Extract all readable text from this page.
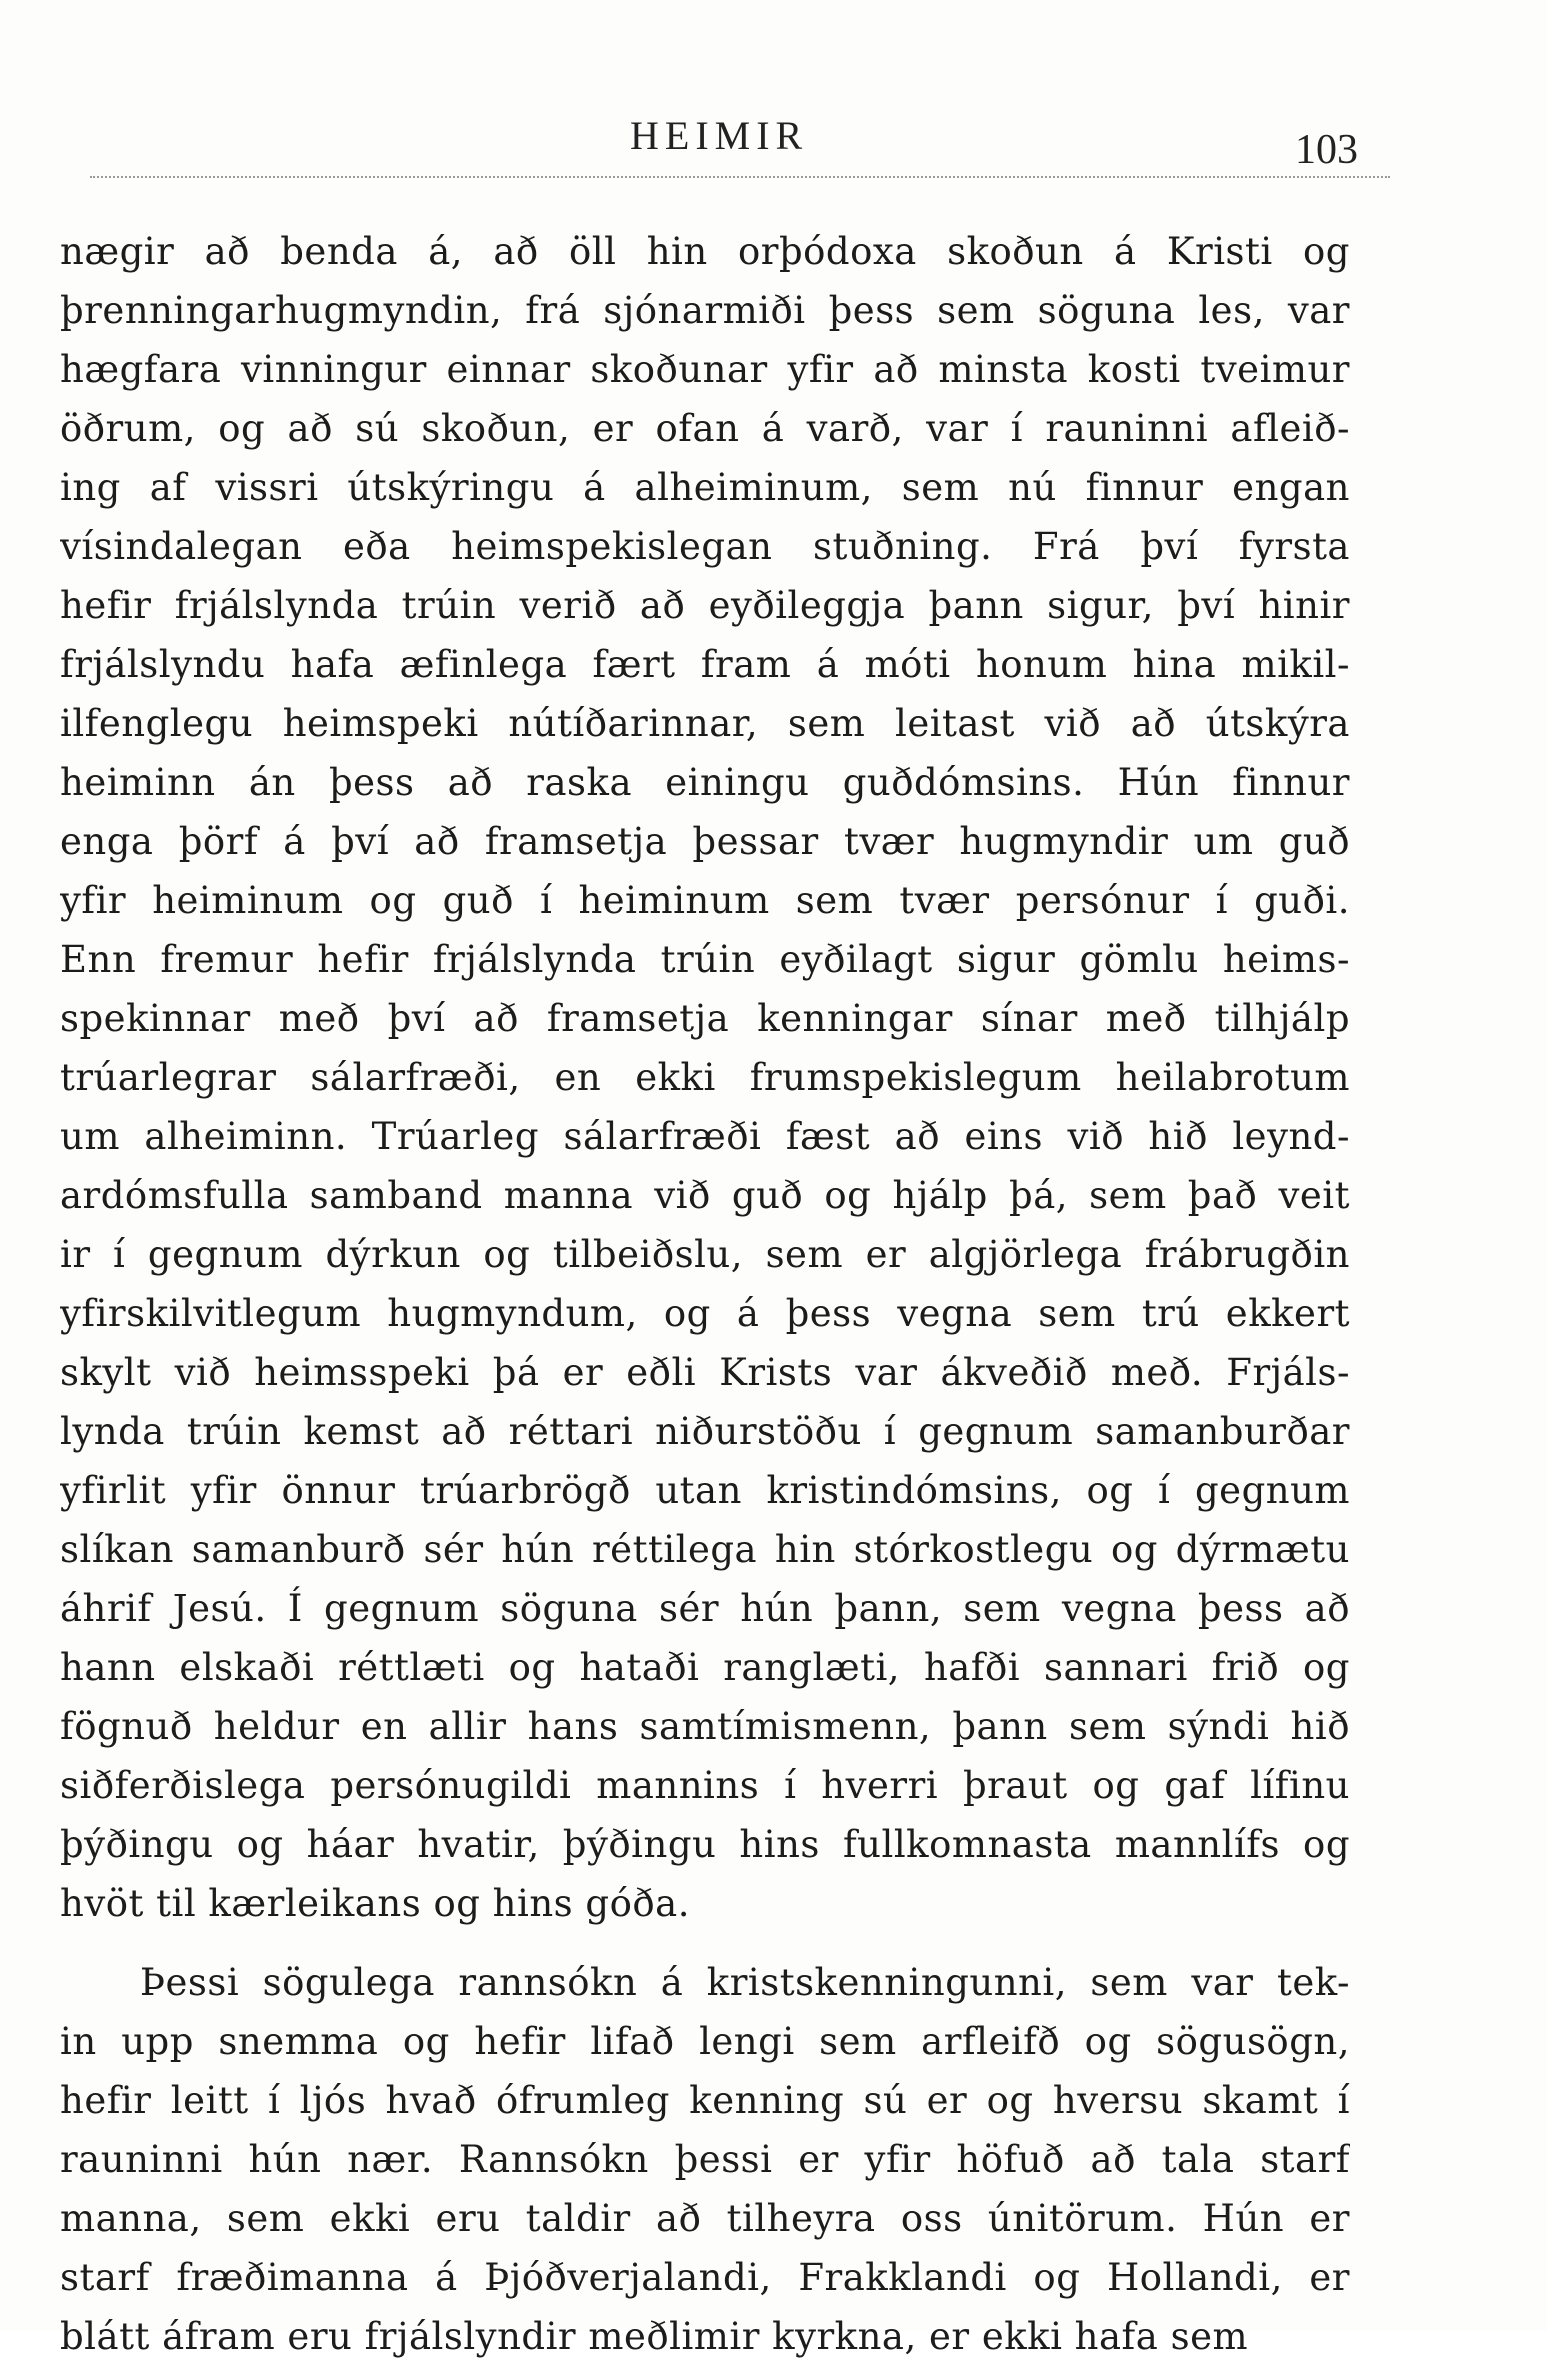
HEIMIR	103
nægir að benda á, að öll hin orþódoxa skoðun á Kristi og
þrenningarhugmyndin, frá sjónarmiði þess sem söguna les, var
hægfara vinningur einnar skoðunar yfir að minsta kosti tveimur
öðrum, og að sú skoðun, er ofan á varð, var í rauninni afleið-
ing af vissri útskýringu á alheiminum, sem nú finnur engan
vísindalegan eða heimspekislegan stuðning. Frá því fyrsta
hefir frjálslynda trúin verið að eyðileggja þann sigur, því hinir
frjálslyndu hafa æfinlega fært fram á móti honum hina mikil-
ilfenglegu heimspeki nútíðarinnar, sem leitast við að útskýra
heiminn án þess að raska einingu guðdómsins. Hún finnur
enga þörf á því að framsetja þessar tvær hugmyndir um guð
yfir heiminum og guð í heiminum sem tvær persónur í guði.
Enn fremur hefir frjálslynda trúin eyðilagt sigur gömlu heims-
spekinnar með því að framsetja kenningar sínar með tilhjálp
trúarlegrar sálarfræði, en ekki frumspekislegum heilabrotum
um alheiminn. Trúarleg sálarfræði fæst að eins við hið leynd-
ardómsfulla samband manna við guð og hjálp þá, sem það veit
ir í gegnum dýrkun og tilbeiðslu, sem er algjörlega frábrugðin
yfirskilvitlegum hugmyndum, og á þess vegna sem trú ekkert
skylt við heimsspeki þá er eðli Krists var ákveðið með. Frjáls-
lynda trúin kemst að réttari niðurstöðu í gegnum samanburðar
yfirlit yfir önnur trúarbrögð utan kristindómsins, og í gegnum
slíkan samanburð sér hún réttilega hin stórkostlegu og dýrmætu
áhrif Jesú. Í gegnum söguna sér hún þann, sem vegna þess að
hann elskaði réttlæti og hataði ranglæti, hafði sannari frið og
fögnuð heldur en allir hans samtímismenn, þann sem sýndi hið
siðferðislega persónugildi mannins í hverri þraut og gaf lífinu
þýðingu og háar hvatir, þýðingu hins fullkomnasta mannlífs og
hvöt til kærleikans og hins góða.
Þessi sögulega rannsókn á kristskenningunni, sem var tek-
in upp snemma og hefir lifað lengi sem arfleifð og sögusögn,
hefir leitt í ljós hvað ófrumleg kenning sú er og hversu skamt í
rauninni hún nær. Rannsókn þessi er yfir höfuð að tala starf
manna, sem ekki eru taldir að tilheyra oss únitörum. Hún er
starf fræðimanna á Þjóðverjalandi, Frakklandi og Hollandi, er
blátt áfram eru frjálslyndir meðlimir kyrkna, er ekki hafa sem
